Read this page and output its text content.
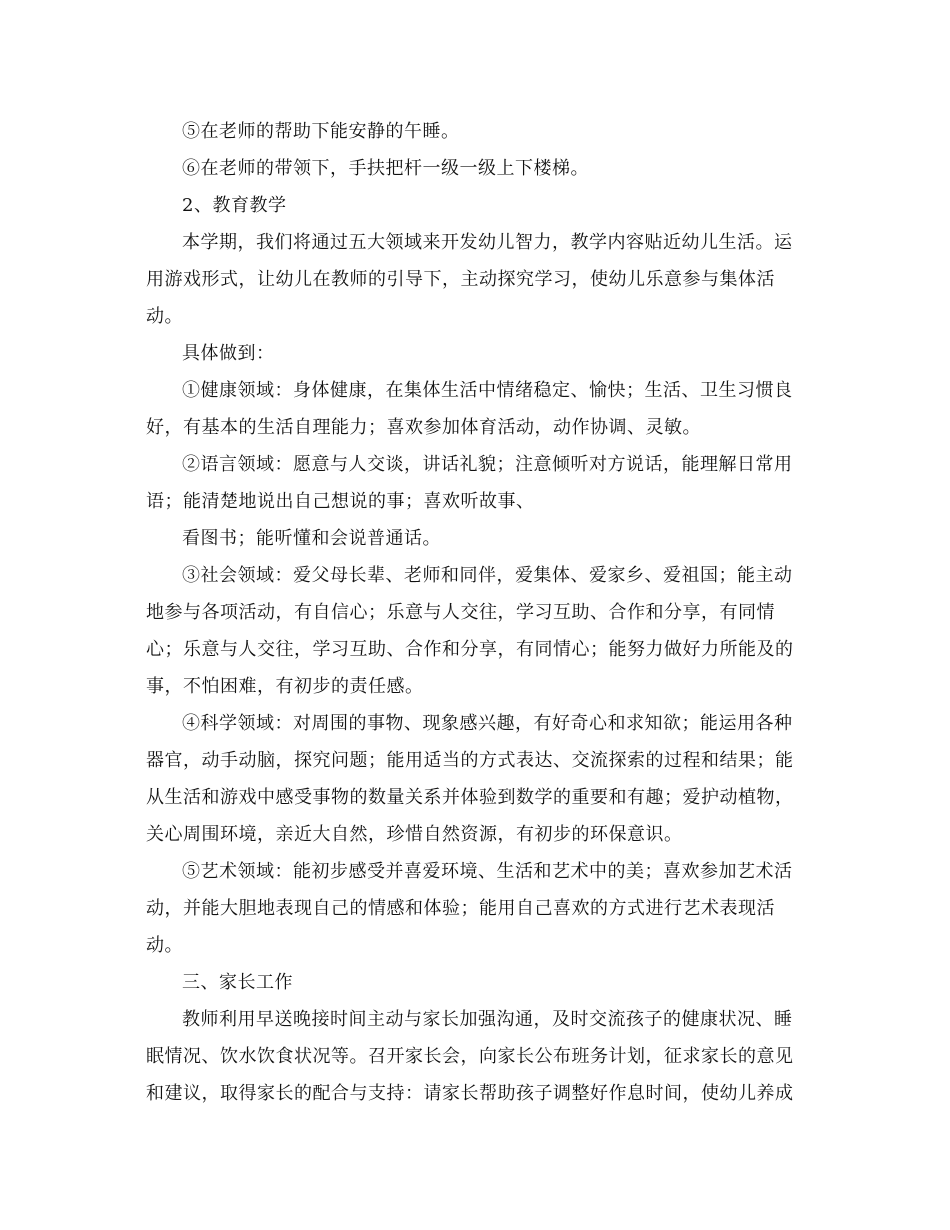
⑤在老师的帮助下能安静的午睡。
⑥在老师的带领下，手扶把杆一级一级上下楼梯。
2、教育教学
本学期，我们将通过五大领域来开发幼儿智力，教学内容贴近幼儿生活。运
用游戏形式，让幼儿在教师的引导下，主动探究学习，使幼儿乐意参与集体活
动。
具体做到：
①健康领域：身体健康，在集体生活中情绪稳定、愉快；生活、卫生习惯良
好，有基本的生活自理能力；喜欢参加体育活动，动作协调、灵敏。
②语言领域：愿意与人交谈，讲话礼貌；注意倾听对方说话，能理解日常用
语；能清楚地说出自己想说的事；喜欢听故事、
看图书；能听懂和会说普通话。
③社会领域：爱父母长辈、老师和同伴，爱集体、爱家乡、爱祖国；能主动
地参与各项活动，有自信心；乐意与人交往，学习互助、合作和分享，有同情
心；乐意与人交往，学习互助、合作和分享，有同情心；能努力做好力所能及的
事，不怕困难，有初步的责任感。
④科学领域：对周围的事物、现象感兴趣，有好奇心和求知欲；能运用各种
器官，动手动脑，探究问题；能用适当的方式表达、交流探索的过程和结果；能
从生活和游戏中感受事物的数量关系并体验到数学的重要和有趣；爱护动植物，
关心周围环境，亲近大自然，珍惜自然资源，有初步的环保意识。
⑤艺术领域：能初步感受并喜爱环境、生活和艺术中的美；喜欢参加艺术活
动，并能大胆地表现自己的情感和体验；能用自己喜欢的方式进行艺术表现活
动。
三、家长工作
教师利用早送晚接时间主动与家长加强沟通，及时交流孩子的健康状况、睡
眠情况、饮水饮食状况等。召开家长会，向家长公布班务计划，征求家长的意见
和建议，取得家长的配合与支持：请家长帮助孩子调整好作息时间，使幼儿养成
